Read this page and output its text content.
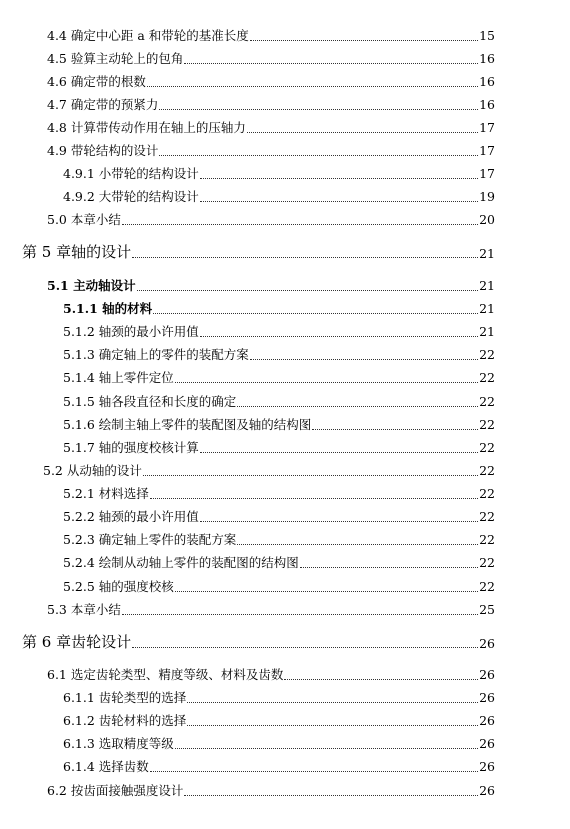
4.4 确定中心距 a 和带轮的基准长度	15
4.5 验算主动轮上的包角	16
4.6 确定带的根数	16
4.7 确定带的预紧力	16
4.8 计算带传动作用在轴上的压轴力	17
4.9 带轮结构的设计	17
4.9.1 小带轮的结构设计	17
4.9.2 大带轮的结构设计	19
5.0 本章小结	20
第 5 章轴的设计	21
5.1 主动轴设计	21
5.1.1 轴的材料	21
5.1.2 轴颈的最小许用值	21
5.1.3 确定轴上的零件的装配方案	22
5.1.4 轴上零件定位	22
5.1.5 轴各段直径和长度的确定	22
5.1.6 绘制主轴上零件的装配图及轴的结构图	22
5.1.7 轴的强度校核计算	22
5.2 从动轴的设计	22
5.2.1 材料选择	22
5.2.2 轴颈的最小许用值	22
5.2.3 确定轴上零件的装配方案	22
5.2.4 绘制从动轴上零件的装配图的结构图	22
5.2.5 轴的强度校核	22
5.3 本章小结	25
第 6 章齿轮设计	26
6.1 选定齿轮类型、精度等级、材料及齿数	26
6.1.1 齿轮类型的选择	26
6.1.2 齿轮材料的选择	26
6.1.3 选取精度等级	26
6.1.4 选择齿数	26
6.2 按齿面接触强度设计	26
